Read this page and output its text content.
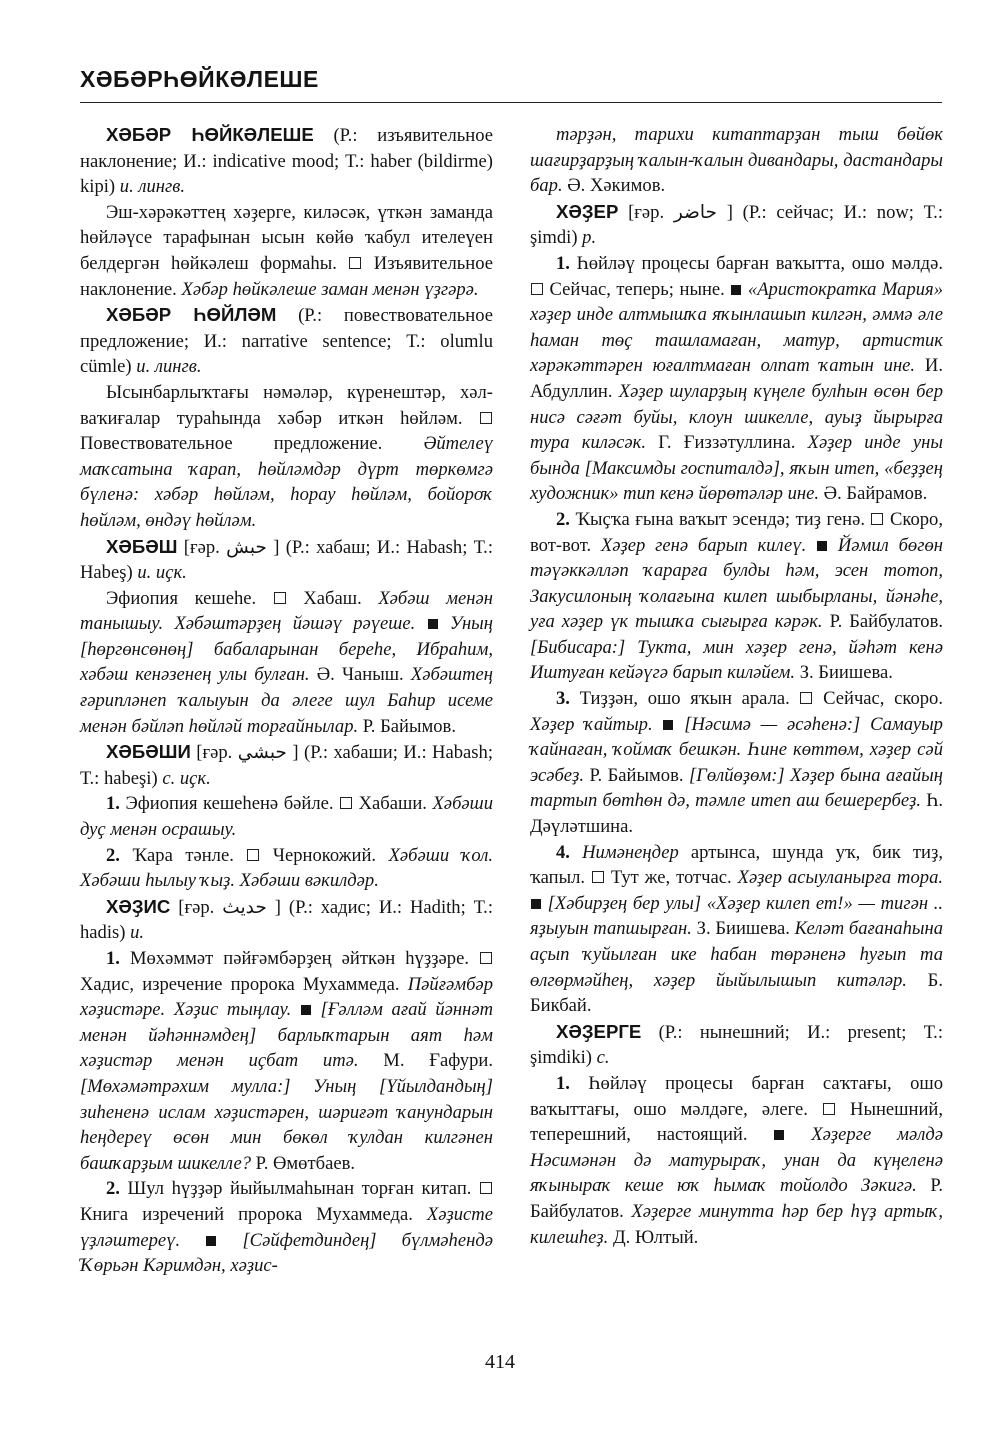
ХӘБӘРҺӨЙКӘЛЕШЕ

ХӘБӘР ҺӨЙКӘЛЕШЕ (Р.: изъявительное наклонение; И.: indicative mood; Т.: haber (bildirme) kipi) и. лингв.

Эш-хәрәкәттең хәҙерге, киләсәк, үткән заманда һөйләүсе тарафынан ысын көйө ҡабул ителеүен белдергән һөйкәлеш формаһы.  Изъявительное наклонение. Хәбәр һөйкәлеше заман менән үҙгәрә.

ХӘБӘР ҺӨЙЛӘМ (Р.: повествовательное предложение; И.: narrative sentence; Т.: olumlu cümle) и. лингв.

Ысынбарлыҡтағы нәмәләр, күренештәр, хәл-ваҡиғалар тураһында хәбәр иткән һөйләм.  Повествовательное предложение. Әйтелеү маҡсатына ҡарап, һөйләмдәр дүрт төркөмгә бүленә: хәбәр һөйләм, һорау һөйләм, бойороҡ һөйләм, өндәү һөйләм.

ХӘБӘШ [ғәр. حبش ] (Р.: хабаш; И.: Habash; Т.: Habeş) и. иҫк.

Эфиопия кешеһе.  Хабаш. Хәбәш менән танышыу. Хәбәштәрҙең йәшәү рәүеше. Уның [һөргөнсөнөң] бабаларынан береһе, Ибраһим, хәбәш кенәзенең улы булған. Ә. Чаныш. Хәбәштең ғәрипләнеп ҡалыуын да әлеге шул Баһир исеме менән бәйләп һөйләй торғайнылар. Р. Байымов.

ХӘБӘШИ [ғәр. حبشي ] (Р.: хабаши; И.: Habash; Т.: habeşi) с. иҫк.

1. Эфиопия кешеһенә бәйле.  Хабаши. Хәбәши дуҫ менән осрашыу.

2. Ҡара тәнле.  Чернокожий. Хәбәши ҡол. Хәбәши һылыу ҡыҙ. Хәбәши вәкилдәр.

ХӘҘИС [ғәр. حديث ] (Р.: хадис; И.: Hadith; Т.: hadis) и.

1. Мөхәммәт пәйғәмбәрҙең әйткән һүҙҙәре.  Хадис, изречение пророка Мухаммеда. Пәйғәмбәр хәҙистәре. Хәҙис тыңлау. [Ғәлләм ағай йәннәт менән йәһәннәмдең] барлыҡтарын аят һәм хәҙистәр менән иҫбат итә. М. Ғафури. [Мөхәмәтрәхим мулла:] Уның [Үйылдандың] зиһененә ислам хәҙистәрен, шәриғәт ҡанундарын һеңдереү өсөн мин бөкөл ҡулдан килгәнен башҡарҙым шикелле? Р. Өмөтбаев.

2. Шул һүҙҙәр йыйылмаһынан торған китап.  Книга изречений пророка Мухаммеда. Хәҙисте үҙләштереү.	[Сәйфетдиндең] бүлмәһендә Ҡөрьән Кәримдән, хәҙис-

тәрҙән, тарихи китаптарҙан тыш бөйөк шағирҙарҙың ҡалын-ҡалын дивандары, дастандары бар. Ә. Хәкимов.

ХӘҘЕР [ғәр. حاضر ] (Р.: сейчас; И.: now; Т.: şimdi) р.

1. Һөйләү процесы барған ваҡытта, ошо мәлдә.  Сейчас, теперь; ныне.  «Аристократка Мария» хәҙер инде алтмышҡа яҡынлашып килгән, әммә әле һаман төҫ ташламаған, матур, артистик хәрәкәттәрен юғалтмаған олпат ҡатын ине. И. Абдуллин. Хәҙер шуларҙың күңеле булһын өсөн бер нисә сәғәт буйы, клоун шикелле, ауыҙ йырырға тура киләсәк. Г. Ғиззәтуллина. Хәҙер инде уны бында [Максимды госпиталдә], яҡын итеп, «беҙҙең художник» тип кенә йөрөтәләр ине. Ә. Байрамов.

2. Ҡыҫҡа ғына ваҡыт эсендә; тиҙ генә.  Скоро, вот-вот. Хәҙер генә барып килеү. Йәмил бөгөн тәүәккәлләп ҡарарға булды һәм, эсен тотоп, Закусилоның ҡолағына килеп шыбырланы, йәнәһе, уға хәҙер үк тышҡа сығырға кәрәк. Р. Байбулатов. [Бибисара:] Тукта, мин хәҙер генә, йәһәт кенә Иштуған кейәүгә барып киләйем. З. Биишева.

3. Тиҙҙән, ошо яҡын арала.  Сейчас, скоро. Хәҙер ҡайтыр. [Нәсимә — әсәһенә:] Самауыр ҡайнаған, ҡоймаҡ бешкән. Һине көттөм, хәҙер сәй эсәбеҙ. Р. Байымов. [Гөлйөҙөм:] Хәҙер бына ағайың тартып бөтһөн дә, тәмле итеп аш бешерербеҙ. Һ. Дәүләтшина.

4. Нимәнеңдер артынса, шунда уҡ, бик тиҙ, ҡапыл.  Тут же, тотчас. Хәҙер асыуланырға тора.  [Хәбирҙең бер улы] «Хәҙер килеп ет!» — тигән .. яҙыуын тапшырған. З. Биишева. Келәт бағанаһына аҫып ҡуйылған ике һабан төрәненә һуғып та өлгөрмәйһең, хәҙер йыйылышып китәләр. Б. Бикбай.

ХӘҘЕРГЕ (Р.: нынешний; И.: present; Т.: şimdiki) с.

1. Һөйләү процесы барған саҡтағы, ошо ваҡыттағы, ошо мәлдәге, әлеге.  Нынешний, теперешний, настоящий.  Хәҙерге мәлдә Нәсимәнән дә матурыраҡ, унан да күңеленә яҡыныраҡ кеше юҡ һымаҡ тойолдо Зәкигә. Р. Байбулатов. Хәҙерге минутта һәр бер һүҙ артыҡ, килешһеҙ. Д. Юлтый.

414
